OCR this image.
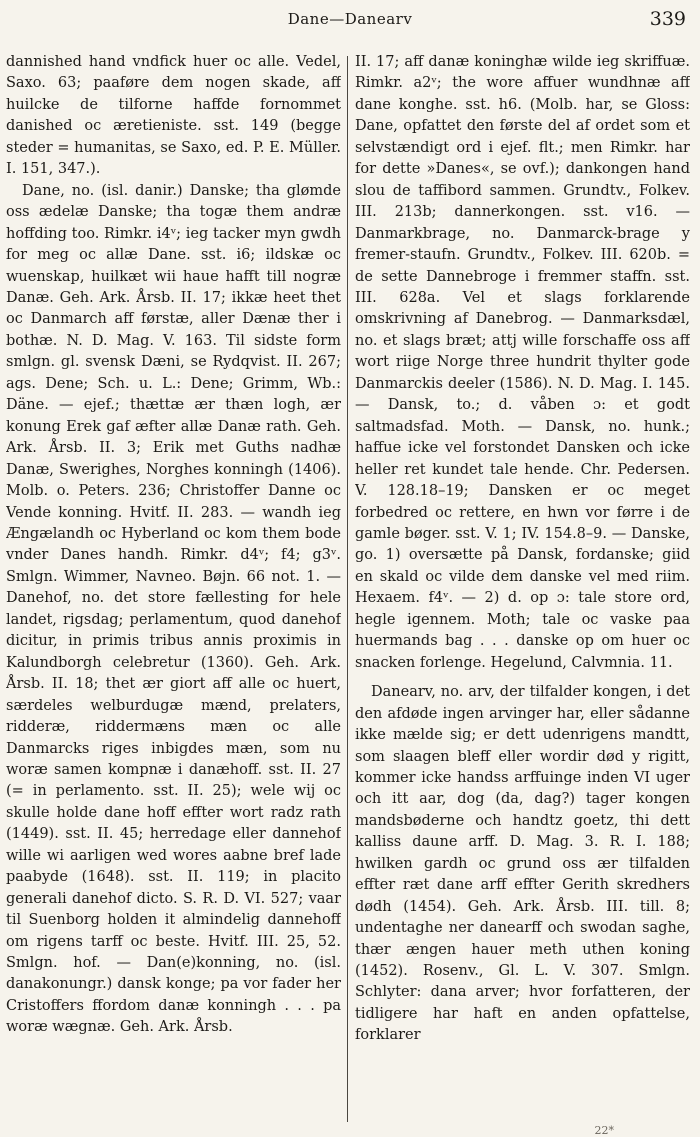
Dane—Danearv	339

dannished hand vndfick huer oc alle. Vedel, Saxo. 63; paaføre dem nogen skade, aff huilcke de tilforne haffde fornommet danished oc æretieniste. sst. 149 (begge steder = humanitas, se Saxo, ed. P. E. Müller. I. 151, 347.).

Dane, no. (isl. danir.) Danske; tha glømde oss ædelæ Danske; tha togæ them andræ hoffding too. Rimkr. i4ᵛ; ieg tacker myn gwdh for meg oc allæ Dane. sst. i6; ildskæ oc wuenskap, huilkæt wii haue hafft till nogræ Danæ. Geh. Ark. Årsb. II. 17; ikkæ heet thet oc Danmarch aff førstæ, aller Dænæ ther i bothæ. N. D. Mag. V. 163. Til sidste form smlgn. gl. svensk Dæni, se Rydqvist. II. 267; ags. Dene; Sch. u. L.: Dene; Grimm, Wb.: Däne. — ejef.; thættæ ær thæn logh, ær konung Erek gaf æfter allæ Danæ rath. Geh. Ark. Årsb. II. 3; Erik met Guths nadhæ Danæ, Swerighes, Norghes konningh (1406). Molb. o. Peters. 236; Christoffer Danne oc Vende konning. Hvitf. II. 283. — wandh ieg Ængælandh oc Hyberland oc kom them bode vnder Danes handh. Rimkr. d4ᵛ; f4; g3ᵛ. Smlgn. Wimmer, Navneo. Bøjn. 66 not. 1. — Danehof, no. det store fællesting for hele landet, rigsdag; perlamentum, quod danehof dicitur, in primis tribus annis proximis in Kalundborgh celebretur (1360). Geh. Ark. Årsb. II. 18; thet ær giort aff alle oc huert, særdeles welburdugæ mænd, prelaters, ridderæ, riddermæns mæn oc alle Danmarcks riges inbigdes mæn, som nu woræ samen kompnæ i danæhoff. sst. II. 27 (= in perlamento. sst. II. 25); wele wij oc skulle holde dane hoff effter wort radz rath (1449). sst. II. 45; herredage eller dannehof wille wi aarligen wed wores aabne bref lade paabyde (1648). sst. II. 119; in placito generali danehof dicto. S. R. D. VI. 527; vaar til Suenborg holden it almindelig dannehoff om rigens tarff oc beste. Hvitf. III. 25, 52. Smlgn. hof. — Dan(e)konning, no. (isl. danakonungr.) dansk konge; pa vor fader her Cristoffers ffordom danæ konningh . . . pa woræ wægnæ. Geh. Ark. Årsb.

II. 17; aff danæ koninghæ wilde ieg skriffuæ. Rimkr. a2ᵛ; the wore affuer wundhnæ aff dane konghe. sst. h6. (Molb. har, se Gloss: Dane, opfattet den første del af ordet som et selvstændigt ord i ejef. flt.; men Rimkr. har for dette »Danes«, se ovf.); dankongen hand slou de taffibord sammen. Grundtv., Folkev. III. 213b; dannerkongen. sst. v16. — Danmarkbrage, no. Danmarck-brage y fremer-staufn. Grundtv., Folkev. III. 620b. = de sette Dannebroge i fremmer staffn. sst. III. 628a. Vel et slags forklarende omskrivning af Danebrog. — Danmarksdæl, no. et slags bræt; attj wille forschaffe oss aff wort riige Norge three hundrit thylter gode Danmarckis deeler (1586). N. D. Mag. I. 145. — Dansk, to.; d. våben ɔ: et godt saltmadsfad. Moth. — Dansk, no. hunk.; haffue icke vel forstondet Dansken och icke heller ret kundet tale hende. Chr. Pedersen. V. 128.18–19; Dansken er oc meget forbedred oc rettere, en hwn vor førre i de gamle bøger. sst. V. 1; IV. 154.8–9. — Danske, go. 1) oversætte på Dansk, fordanske; giid en skald oc vilde dem danske vel med riim. Hexaem. f4ᵛ. — 2) d. op ɔ: tale store ord, hegle igennem. Moth; tale oc vaske paa huermands bag . . . danske op om huer oc snacken forlenge. Hegelund, Calvmnia. 11.

Danearv, no. arv, der tilfalder kongen, i det den afdøde ingen arvinger har, eller sådanne ikke mælde sig; er dett udenrigens mandtt, som slaagen bleff eller wordir død y rigitt, kommer icke handss arffuinge inden VI uger och itt aar, dog (da, dag?) tager kongen mandsbøderne och handtz goetz, thi dett kalliss daune arff. D. Mag. 3. R. I. 188; hwilken gardh oc grund oss ær tilfalden effter ræt dane arff effter Gerith skredhers dødh (1454). Geh. Ark. Årsb. III. till. 8; undentaghe ner danearff och swodan saghe, thær ængen hauer meth uthen koning (1452). Rosenv., Gl. L. V. 307. Smlgn. Schlyter: dana arver; hvor forfatteren, der tidligere har haft en anden opfattelse, forklarer

22*
